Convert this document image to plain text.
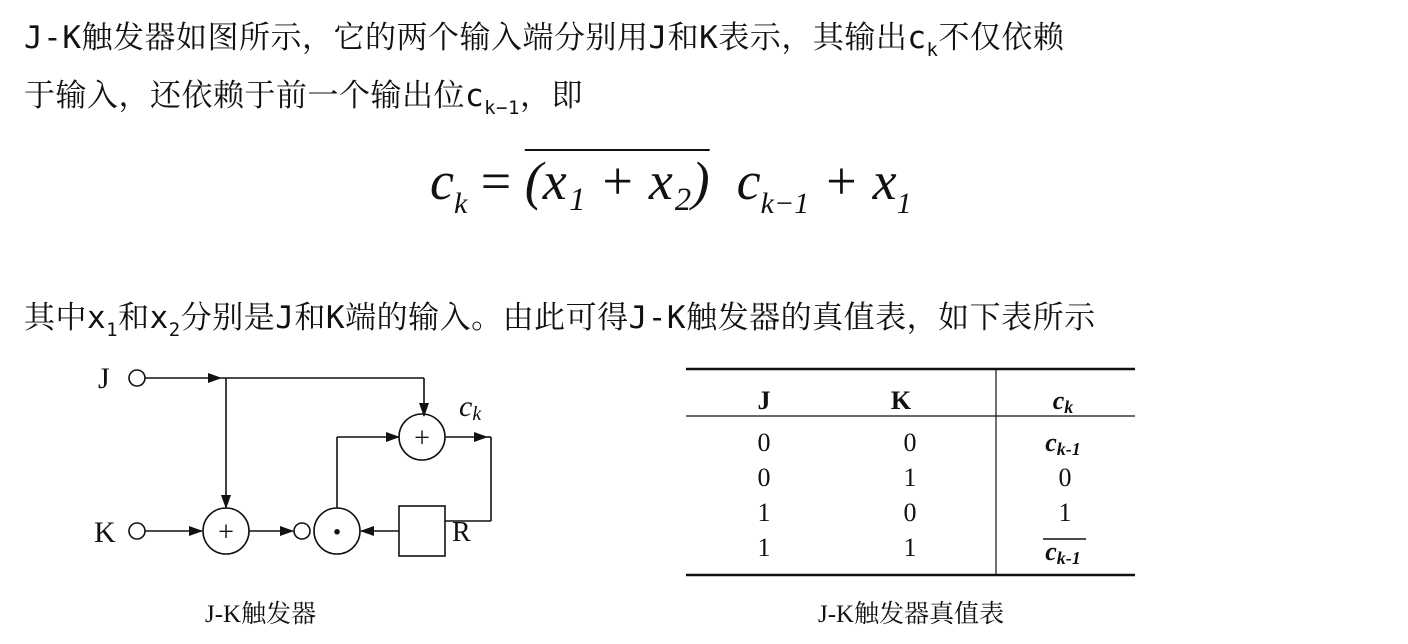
J-K触发器如图所示，它的两个输入端分别用J和K表示，其输出$c_k$不仅依赖
于输入，还依赖于前一个输出位$c_{k-1}$，即
$c_k = (x_1 + x_2) c_{k-1} + x_1$
其中$x_1$和$x_2$分别是J和K端的输入。由此可得J-K触发器的真值表，如下表所示
J
K	R
ck
+
+
·
J-K触发器
J	K	ck
0	0	ck-1
0	1	0
1	0	1
1	1	ck-1
J-K触发器真值表
